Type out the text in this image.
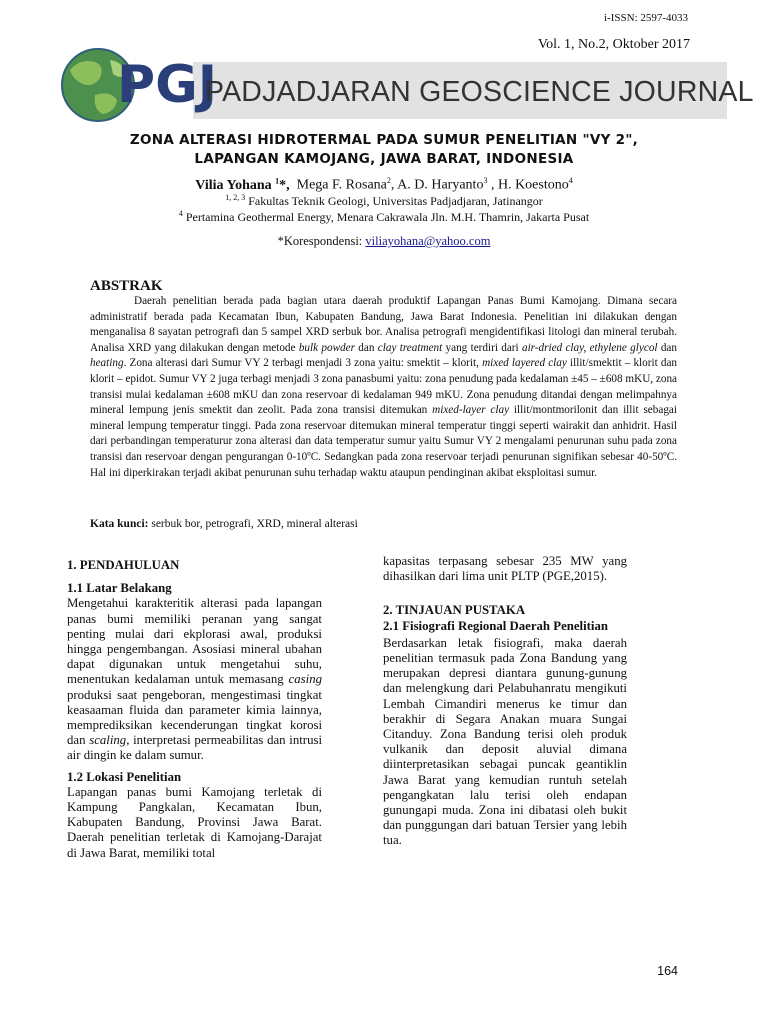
i-ISSN: 2597-4033
Vol. 1, No.2, Oktober 2017
PGJ
PADJADJARAN GEOSCIENCE JOURNAL
ZONA ALTERASI HIDROTERMAL PADA SUMUR PENELITIAN "VY 2",
LAPANGAN KAMOJANG, JAWA BARAT, INDONESIA
Vilia Yohana $^1$*, Mega F. Rosana$^2$, A. D. Haryanto$^3$ , H. Koestono$^4$
$^{1, 2, 3}$ Fakultas Teknik Geologi, Universitas Padjadjaran, Jatinangor
$^4$ Pertamina Geothermal Energy, Menara Cakrawala Jln. M.H. Thamrin, Jakarta Pusat
*Korespondensi: viliayohana@yahoo.com
ABSTRAK
Daerah penelitian berada pada bagian utara daerah produktif Lapangan Panas Bumi Kamojang. Dimana secara administratif berada pada Kecamatan Ibun, Kabupaten Bandung, Jawa Barat Indonesia. Penelitian ini dilakukan dengan menganalisa 8 sayatan petrografi dan 5 sampel XRD serbuk bor. Analisa petrografi mengidentifikasi litologi dan mineral terubah. Analisa XRD yang dilakukan dengan metode bulk powder dan clay treatment yang terdiri dari air-dried clay, ethylene glycol dan heating. Zona alterasi dari Sumur VY 2 terbagi menjadi 3 zona yaitu: smektit – klorit, mixed layered clay illit/smektit – klorit dan klorit – epidot. Sumur VY 2 juga terbagi menjadi 3 zona panasbumi yaitu: zona penudung pada kedalaman ±45 – ±608 mKU, zona transisi mulai kedalaman ±608 mKU dan zona reservoar di kedalaman 949 mKU. Zona penudung ditandai dengan melimpahnya mineral lempung jenis smektit dan zeolit. Pada zona transisi ditemukan mixed-layer clay illit/montmorilonit dan illit sebagai mineral lempung temperatur tinggi. Pada zona reservoar ditemukan mineral temperatur tinggi seperti wairakit dan anhidrit. Hasil dari perbandingan temperaturur zona alterasi dan data temperatur sumur yaitu Sumur VY 2 mengalami penurunan suhu pada zona transisi dan reservoar dengan pengurangan 0-10ºC. Sedangkan pada zona reservoar terjadi penurunan signifikan sebesar 40-50ºC. Hal ini diperkirakan terjadi akibat penurunan suhu terhadap waktu ataupun pendinginan akibat eksploitasi sumur.
Kata kunci: serbuk bor, petrografi, XRD, mineral alterasi
1. PENDAHULUAN
1.1 Latar Belakang

Mengetahui karakteritik alterasi pada lapangan panas bumi memiliki peranan yang sangat penting mulai dari ekplorasi awal, produksi hingga pengembangan. Asosiasi mineral ubahan dapat digunakan untuk mengetahui suhu, menentukan kedalaman untuk memasang casing produksi saat pengeboran, mengestimasi tingkat keasaaman fluida dan parameter kimia lainnya, memprediksikan kecenderungan tingkat korosi dan scaling, interpretasi permeabilitas dan intrusi air dingin ke dalam sumur.

1.2 Lokasi Penelitian

Lapangan panas bumi Kamojang terletak di Kampung Pangkalan, Kecamatan Ibun, Kabupaten Bandung, Provinsi Jawa Barat. Daerah penelitian terletak di Kamojang-Darajat di Jawa Barat, memiliki total

kapasitas terpasang sebesar 235 MW yang dihasilkan dari lima unit PLTP (PGE,2015).

2. TINJAUAN PUSTAKA
2.1 Fisiografi Regional Daerah Penelitian

Berdasarkan letak fisiografi, maka daerah penelitian termasuk pada Zona Bandung yang merupakan depresi diantara gunung-gunung dan melengkung dari Pelabuhanratu mengikuti Lembah Cimandiri menerus ke timur dan berakhir di Segara Anakan muara Sungai Citanduy. Zona Bandung terisi oleh produk vulkanik dan deposit aluvial dimana diinterpretasikan sebagai puncak geantiklin Jawa Barat yang kemudian runtuh setelah pengangkatan lalu terisi oleh endapan gunungapi muda. Zona ini dibatasi oleh bukit dan punggungan dari batuan Tersier yang lebih tua.

164
